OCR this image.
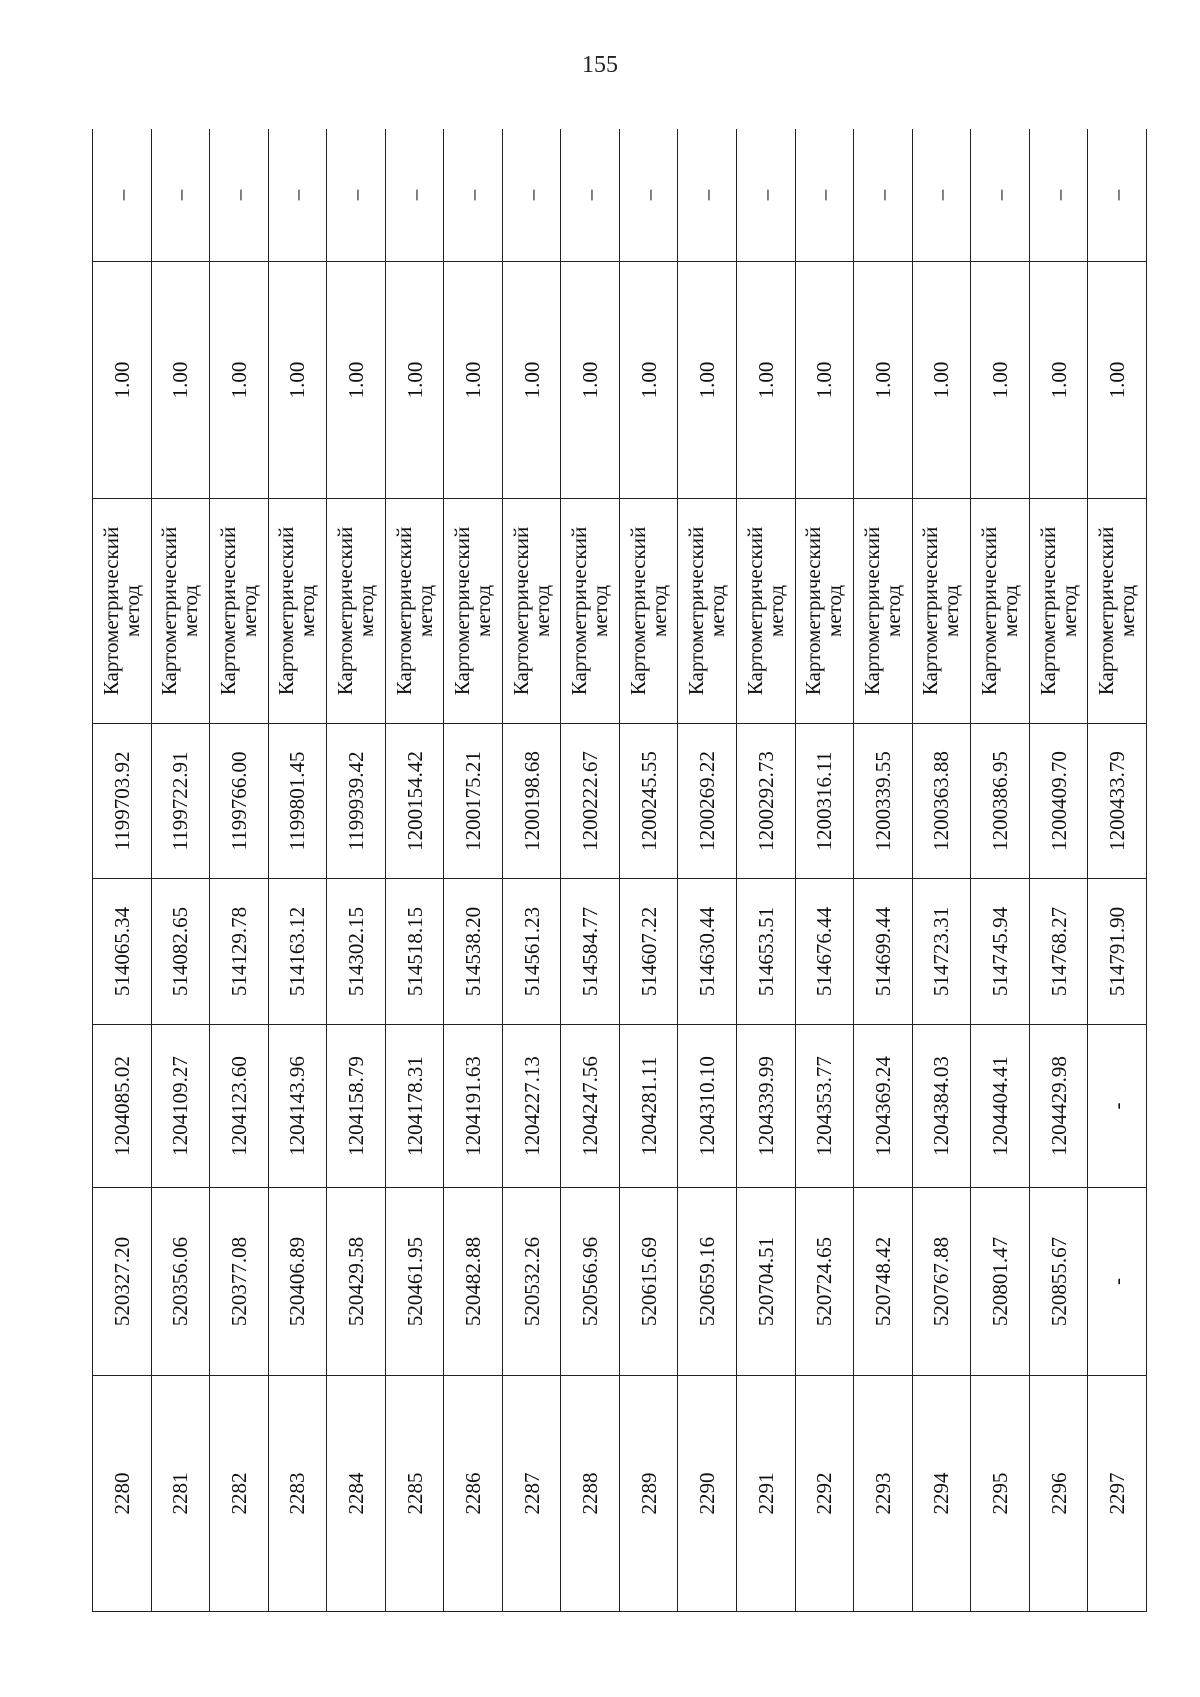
155
2280	520327.20	1204085.02	514065.34	1199703.92	Картометрический метод	1.00	–
2281	520356.06	1204109.27	514082.65	1199722.91	Картометрический метод	1.00	–
2282	520377.08	1204123.60	514129.78	1199766.00	Картометрический метод	1.00	–
2283	520406.89	1204143.96	514163.12	1199801.45	Картометрический метод	1.00	–
2284	520429.58	1204158.79	514302.15	1199939.42	Картометрический метод	1.00	–
2285	520461.95	1204178.31	514518.15	1200154.42	Картометрический метод	1.00	–
2286	520482.88	1204191.63	514538.20	1200175.21	Картометрический метод	1.00	–
2287	520532.26	1204227.13	514561.23	1200198.68	Картометрический метод	1.00	–
2288	520566.96	1204247.56	514584.77	1200222.67	Картометрический метод	1.00	–
2289	520615.69	1204281.11	514607.22	1200245.55	Картометрический метод	1.00	–
2290	520659.16	1204310.10	514630.44	1200269.22	Картометрический метод	1.00	–
2291	520704.51	1204339.99	514653.51	1200292.73	Картометрический метод	1.00	–
2292	520724.65	1204353.77	514676.44	1200316.11	Картометрический метод	1.00	–
2293	520748.42	1204369.24	514699.44	1200339.55	Картометрический метод	1.00	–
2294	520767.88	1204384.03	514723.31	1200363.88	Картометрический метод	1.00	–
2295	520801.47	1204404.41	514745.94	1200386.95	Картометрический метод	1.00	–
2296	520855.67	1204429.98	514768.27	1200409.70	Картометрический метод	1.00	–
2297	-	-	514791.90	1200433.79	Картометрический метод	1.00	–
